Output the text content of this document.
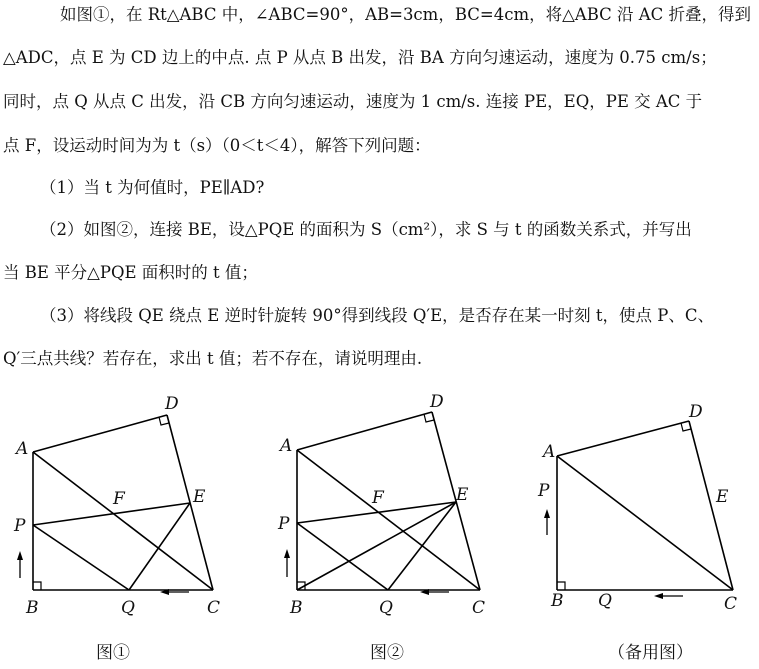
如图①，在 Rt△ABC 中，∠ABC=90°，AB=3cm，BC=4cm，将△ABC 沿 AC 折叠，得到
△ADC，点 E 为 CD 边上的中点. 点 P 从点 B 出发，沿 BA 方向匀速运动，速度为 0.75 cm/s；
同时，点 Q 从点 C 出发，沿 CB 方向匀速运动，速度为 1 cm/s. 连接 PE，EQ，PE 交 AC 于
点 F，设运动时间为为 t（s）（0＜t＜4），解答下列问题：
（1）当 t 为何值时，PE∥AD?
（2）如图②，连接 BE，设△PQE 的面积为 S（cm²），求 S 与 t 的函数关系式，并写出
当 BE 平分△PQE 面积时的 t 值；
（3）将线段 QE 绕点 E 逆时针旋转 90°得到线段 Q′E，是否存在某一时刻 t，使点 P、C、
Q′三点共线？若存在，求出 t 值；若不存在，请说明理由.
A
B	C
D
E
F
P
Q
A
B	C
D
E
F
P
Q
A
B	C
D
E
P
Q
图①	图②	（备用图）
